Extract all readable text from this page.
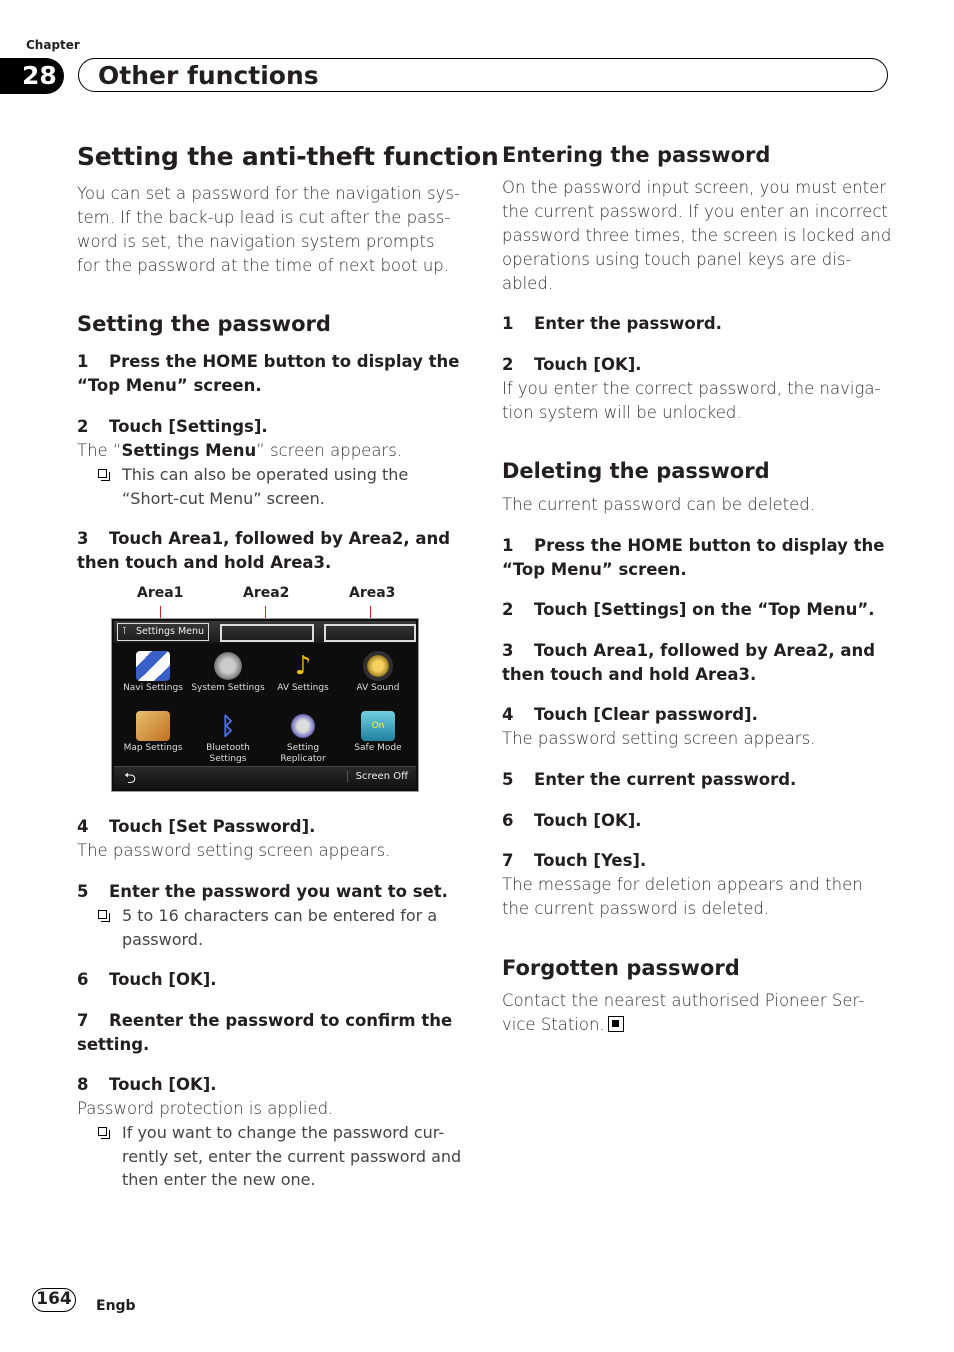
Chapter
28 Other functions
Setting the anti-theft function

You can set a password for the navigation sys-tem. If the back-up lead is cut after the pass-word is set, the navigation system prompts for the password at the time of next boot up.

Setting the password

1 Press the HOME button to display the “Top Menu” screen.

2 Touch [Settings].

The “Settings Menu” screen appears.

This can also be operated using the “Short-cut Menu” screen.

3 Touch Area1, followed by Area2, and then touch and hold Area3.

Area1	Area2	Area3
⊺ Settings Menu
Navi Settings System Settings
♪
AV Settings	AV Sound
Map Settings
ᛒ
Bluetooth Settings
Setting Replicator
On
Safe Mode
⮌	Screen Off

4 Touch [Set Password].

The password setting screen appears.

5 Enter the password you want to set.

5 to 16 characters can be entered for a password.

6 Touch [OK].

7 Reenter the password to confirm the setting.

8 Touch [OK].

Password protection is applied.

If you want to change the password cur-rently set, enter the current password and then enter the new one.

Entering the password

On the password input screen, you must enter the current password. If you enter an incorrect password three times, the screen is locked and operations using touch panel keys are dis-abled.

1 Enter the password.

2 Touch [OK].

If you enter the correct password, the naviga-tion system will be unlocked.

Deleting the password

The current password can be deleted.

1 Press the HOME button to display the “Top Menu” screen.

2 Touch [Settings] on the “Top Menu”.

3 Touch Area1, followed by Area2, and then touch and hold Area3.

4 Touch [Clear password].

The password setting screen appears.

5 Enter the current password.

6 Touch [OK].

7 Touch [Yes].

The message for deletion appears and then the current password is deleted.

Forgotten password

Contact the nearest authorised Pioneer Ser-vice Station.

164	Engb
